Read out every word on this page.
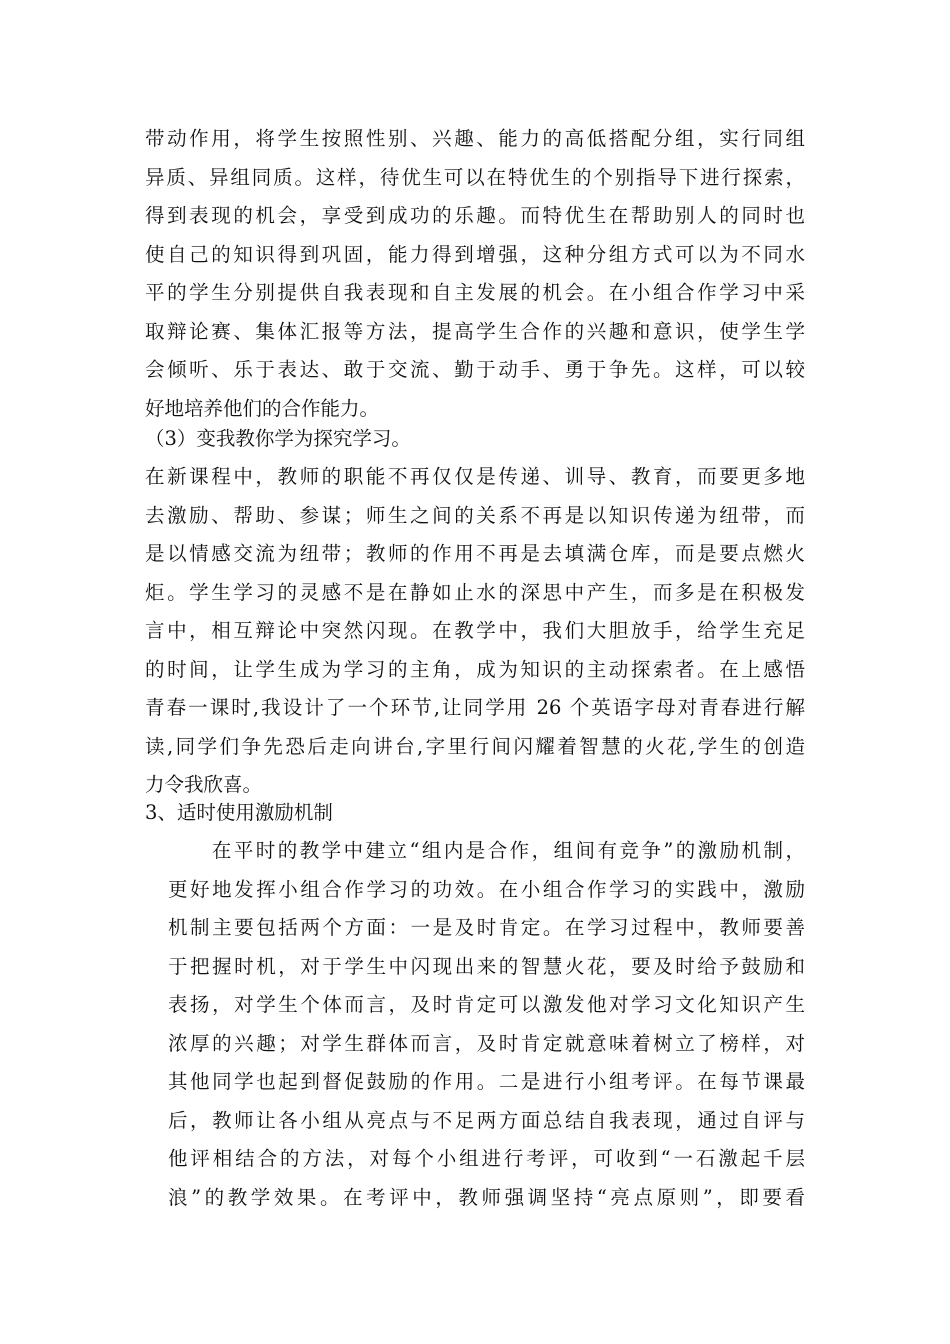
带动作用，将学生按照性别、兴趣、能力的高低搭配分组，实行同组
异质、异组同质。这样，待优生可以在特优生的个别指导下进行探索，
得到表现的机会，享受到成功的乐趣。而特优生在帮助别人的同时也
使自己的知识得到巩固，能力得到增强，这种分组方式可以为不同水
平的学生分别提供自我表现和自主发展的机会。在小组合作学习中采
取辩论赛、集体汇报等方法，提高学生合作的兴趣和意识，使学生学
会倾听、乐于表达、敢于交流、勤于动手、勇于争先。这样，可以较
好地培养他们的合作能力。
（3）变我教你学为探究学习。
在新课程中，教师的职能不再仅仅是传递、训导、教育，而要更多地
去激励、帮助、参谋；师生之间的关系不再是以知识传递为纽带，而
是以情感交流为纽带；教师的作用不再是去填满仓库，而是要点燃火
炬。学生学习的灵感不是在静如止水的深思中产生，而多是在积极发
言中，相互辩论中突然闪现。在教学中，我们大胆放手，给学生充足
的时间，让学生成为学习的主角，成为知识的主动探索者。在上感悟
青春一课时,我设计了一个环节,让同学用 26 个英语字母对青春进行解
读,同学们争先恐后走向讲台,字里行间闪耀着智慧的火花,学生的创造
力令我欣喜。
3、适时使用激励机制
　　在平时的教学中建立“组内是合作，组间有竞争”的激励机制，
更好地发挥小组合作学习的功效。在小组合作学习的实践中，激励
机制主要包括两个方面：一是及时肯定。在学习过程中，教师要善
于把握时机，对于学生中闪现出来的智慧火花，要及时给予鼓励和
表扬，对学生个体而言，及时肯定可以激发他对学习文化知识产生
浓厚的兴趣；对学生群体而言，及时肯定就意味着树立了榜样，对
其他同学也起到督促鼓励的作用。二是进行小组考评。在每节课最
后，教师让各小组从亮点与不足两方面总结自我表现，通过自评与
他评相结合的方法，对每个小组进行考评，可收到“一石激起千层
浪”的教学效果。在考评中，教师强调坚持“亮点原则”，即要看
